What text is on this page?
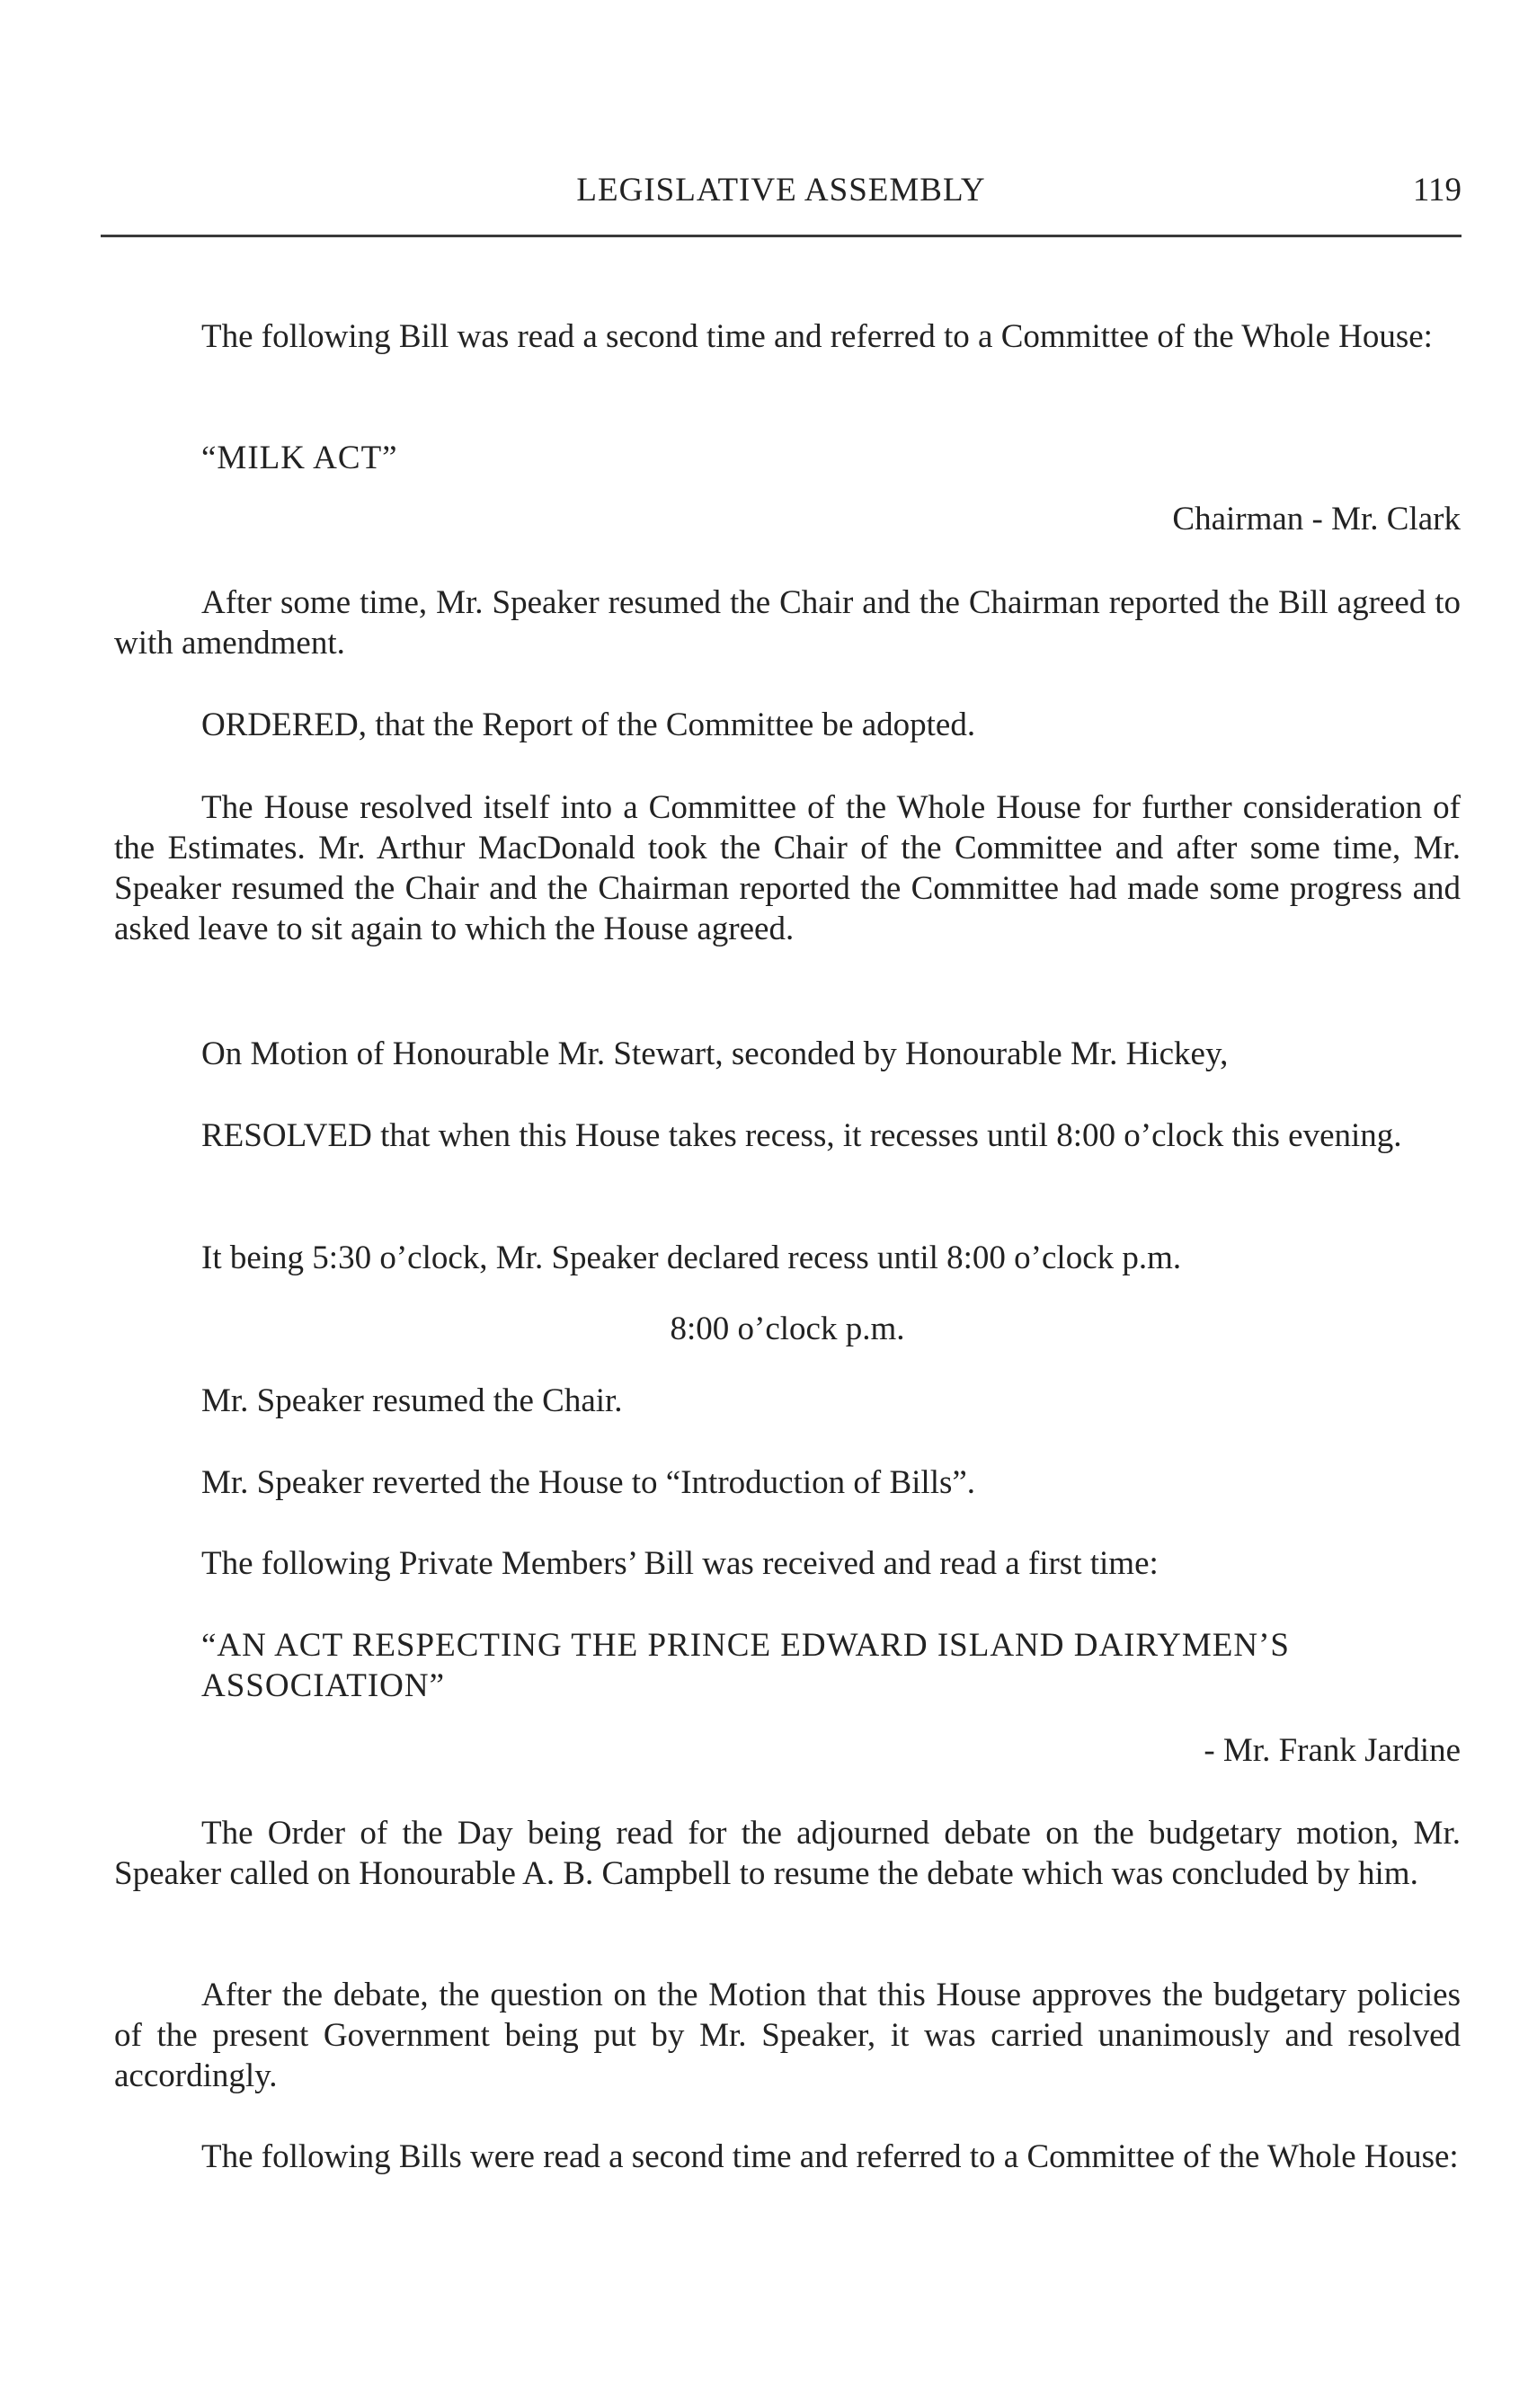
LEGISLATIVE ASSEMBLY	119
The following Bill was read a second time and referred to a Committee of the Whole House:
“MILK ACT”
Chairman - Mr. Clark
After some time, Mr. Speaker resumed the Chair and the Chairman reported the Bill agreed to with amendment.
ORDERED, that the Report of the Committee be adopted.
The House resolved itself into a Committee of the Whole House for further consideration of the Estimates. Mr. Arthur MacDonald took the Chair of the Committee and after some time, Mr. Speaker resumed the Chair and the Chairman reported the Committee had made some progress and asked leave to sit again to which the House agreed.
On Motion of Honourable Mr. Stewart, seconded by Honourable Mr. Hickey,
RESOLVED that when this House takes recess, it recesses until 8:00 o’clock this evening.
It being 5:30 o’clock, Mr. Speaker declared recess until 8:00 o’clock p.m.
8:00 o’clock p.m.
Mr. Speaker resumed the Chair.
Mr. Speaker reverted the House to “Introduction of Bills”.
The following Private Members’ Bill was received and read a first time:
“AN ACT RESPECTING THE PRINCE EDWARD ISLAND DAIRYMEN’S ASSOCIATION”
- Mr. Frank Jardine
The Order of the Day being read for the adjourned debate on the budgetary motion, Mr. Speaker called on Honourable A. B. Campbell to resume the debate which was concluded by him.
After the debate, the question on the Motion that this House approves the budgetary policies of the present Government being put by Mr. Speaker, it was carried unanimously and resolved accordingly.
The following Bills were read a second time and referred to a Committee of the Whole House:
